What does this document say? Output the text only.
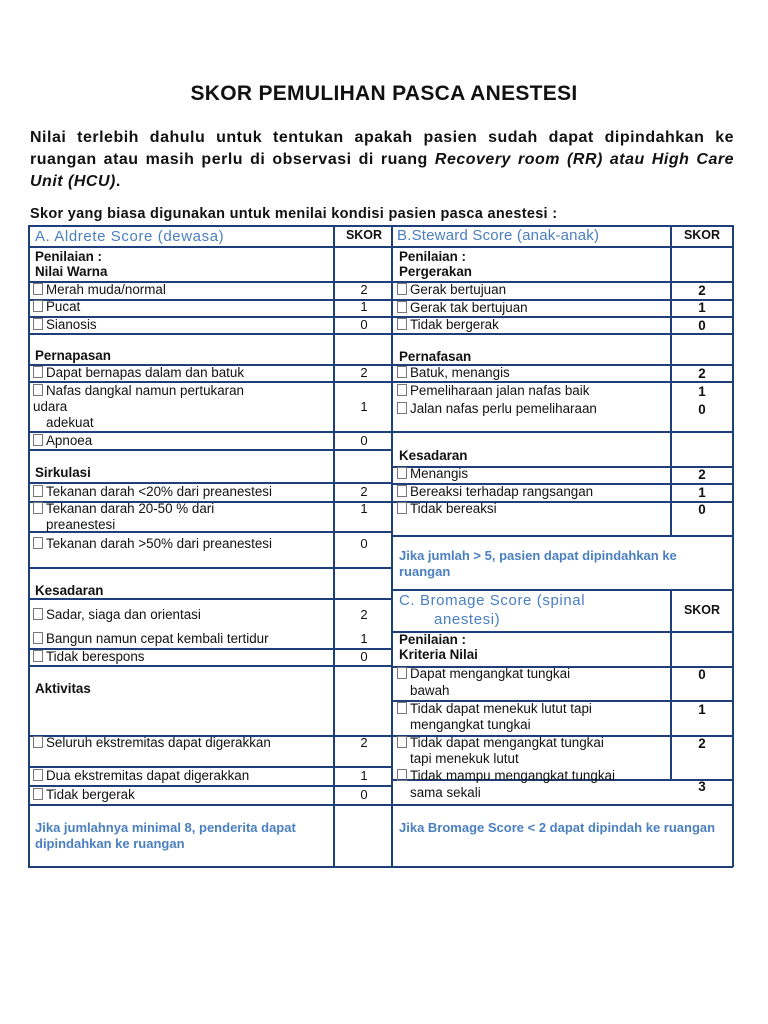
SKOR PEMULIHAN PASCA ANESTESI
Nilai terlebih dahulu untuk tentukan apakah pasien sudah dapat dipindahkan ke ruangan atau masih perlu di observasi di ruang Recovery room (RR) atau High Care Unit (HCU).
Skor yang biasa digunakan untuk menilai kondisi pasien pasca anestesi :
A. Aldrete Score (dewasa)	SKOR
Penilaian :
Nilai Warna
Merah muda/normal	2
Pucat	1
Sianosis	0
Pernapasan
Dapat bernapas dalam dan batuk	2
Nafas dangkal namun pertukaran
udara
adekuat
1
Apnoea	0
Sirkulasi
Tekanan darah <20% dari preanestesi	2
Tekanan darah 20-50 % dari
preanestesi
1
Tekanan darah >50% dari preanestesi	0
Kesadaran
Sadar, siaga dan orientasi	2
Bangun namun cepat kembali tertidur	1
Tidak berespons	0
Aktivitas
Seluruh ekstremitas dapat digerakkan	2
Dua ekstremitas dapat digerakkan	1
Tidak bergerak	0
Jika jumlahnya minimal 8, penderita dapat dipindahkan ke ruangan
B.Steward Score (anak-anak)	SKOR
Penilaian :
Pergerakan
Gerak bertujuan	2
Gerak tak bertujuan	1
Tidak bergerak	0
Pernafasan
Batuk, menangis	2
Pemeliharaan jalan nafas baik	1
Jalan nafas perlu pemeliharaan	0
Kesadaran
Menangis	2
Bereaksi terhadap rangsangan	1
Tidak bereaksi	0
Jika jumlah > 5, pasien dapat dipindahkan ke ruangan
C. Bromage Score (spinal
anestesi)
SKOR
Penilaian :
Kriteria Nilai
Dapat mengangkat tungkai
bawah
0
Tidak dapat menekuk lutut tapi
mengangkat tungkai
1
Tidak dapat mengangkat tungkai
tapi menekuk lutut
2
Tidak mampu mengangkat tungkai
sama sekali	3
Jika Bromage Score < 2 dapat dipindah ke ruangan
